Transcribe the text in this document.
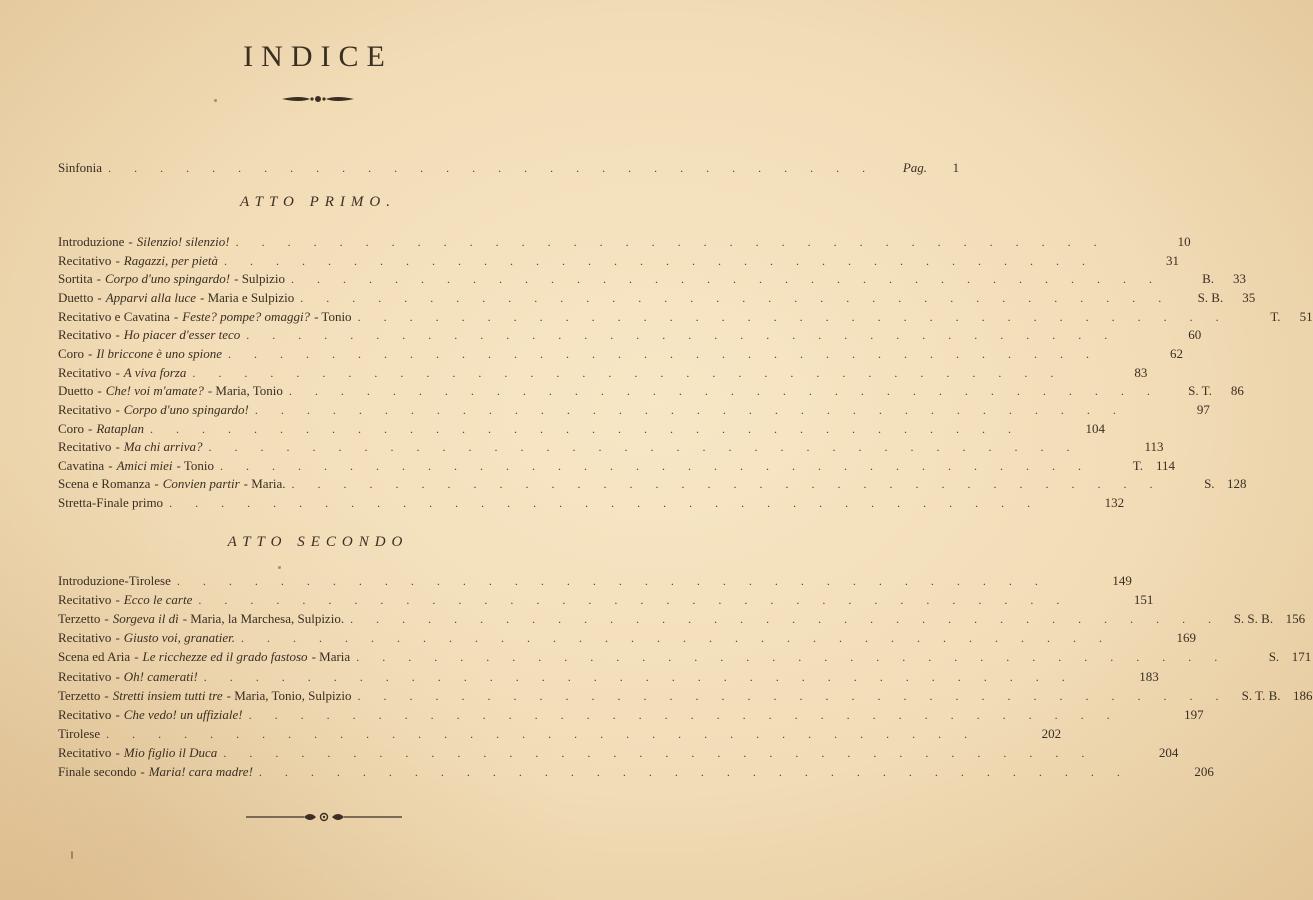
INDICE
Sinfonia . . . . . . . . . . . . . . . . . . . . . . . . . . . . . .	Pag.	1
ATTO PRIMO.
Introduzione - Silenzio! silenzio! . . . . . . . . . . . . . . . . . . . . . . . . . . . . . . . . . .	10
Recitativo - Ragazzi, per pietà . . . . . . . . . . . . . . . . . . . . . . . . . . . . . . . . . .	31
Sortita - Corpo d'uno spingardo! - Sulpizio . . . . . . . . . . . . . . . . . . . . . . . . . . . . . . . . . .	B.	33
Duetto - Apparvi alla luce - Maria e Sulpizio . . . . . . . . . . . . . . . . . . . . . . . . . . . . . . . . . .	S. B.	35
Recitativo e Cavatina - Feste? pompe? omaggi? - Tonio . . . . . . . . . . . . . . . . . . . . . . . . . . . . . . . . . .	T.	51
Recitativo - Ho piacer d'esser teco . . . . . . . . . . . . . . . . . . . . . . . . . . . . . . . . . .	60
Coro - Il briccone è uno spione . . . . . . . . . . . . . . . . . . . . . . . . . . . . . . . . . .	62
Recitativo - A viva forza . . . . . . . . . . . . . . . . . . . . . . . . . . . . . . . . . .	83
Duetto - Che! voi m'amate? - Maria, Tonio . . . . . . . . . . . . . . . . . . . . . . . . . . . . . . . . . .	S. T.	86
Recitativo - Corpo d'uno spingardo! . . . . . . . . . . . . . . . . . . . . . . . . . . . . . . . . . .	97
Coro - Rataplan . . . . . . . . . . . . . . . . . . . . . . . . . . . . . . . . . .	104
Recitativo - Ma chi arriva? . . . . . . . . . . . . . . . . . . . . . . . . . . . . . . . . . .	113
Cavatina - Amici miei - Tonio . . . . . . . . . . . . . . . . . . . . . . . . . . . . . . . . . .	T. 114
Scena e Romanza - Convien partir - Maria. . . . . . . . . . . . . . . . . . . . . . . . . . . . . . . . . . .	S. 128
Stretta-Finale primo . . . . . . . . . . . . . . . . . . . . . . . . . . . . . . . . . .	132
ATTO SECONDO
Introduzione-Tirolese . . . . . . . . . . . . . . . . . . . . . . . . . . . . . . . . . .	149
Recitativo - Ecco le carte . . . . . . . . . . . . . . . . . . . . . . . . . . . . . . . . . .	151
Terzetto - Sorgeva il dì - Maria, la Marchesa, Sulpizio. . . . . . . . . . . . . . . . . . . . . . . . . . . . . . . . . . . S. S. B. 156
Recitativo - Giusto voi, granatier. . . . . . . . . . . . . . . . . . . . . . . . . . . . . . . . . . .	169
Scena ed Aria - Le ricchezze ed il grado fastoso - Maria . . . . . . . . . . . . . . . . . . . . . . . . . . . . . . . . . .	S. 171
Recitativo - Oh! camerati! . . . . . . . . . . . . . . . . . . . . . . . . . . . . . . . . . .	183
Terzetto - Stretti insiem tutti tre - Maria, Tonio, Sulpizio . . . . . . . . . . . . . . . . . . . . . . . . . . . . . . . . . .	S. T. B. 186
Recitativo - Che vedo! un uffiziale! . . . . . . . . . . . . . . . . . . . . . . . . . . . . . . . . . .	197
Tirolese . . . . . . . . . . . . . . . . . . . . . . . . . . . . . . . . . .	202
Recitativo - Mio figlio il Duca . . . . . . . . . . . . . . . . . . . . . . . . . . . . . . . . . .	204
Finale secondo - Maria! cara madre! . . . . . . . . . . . . . . . . . . . . . . . . . . . . . . . . . .	206
